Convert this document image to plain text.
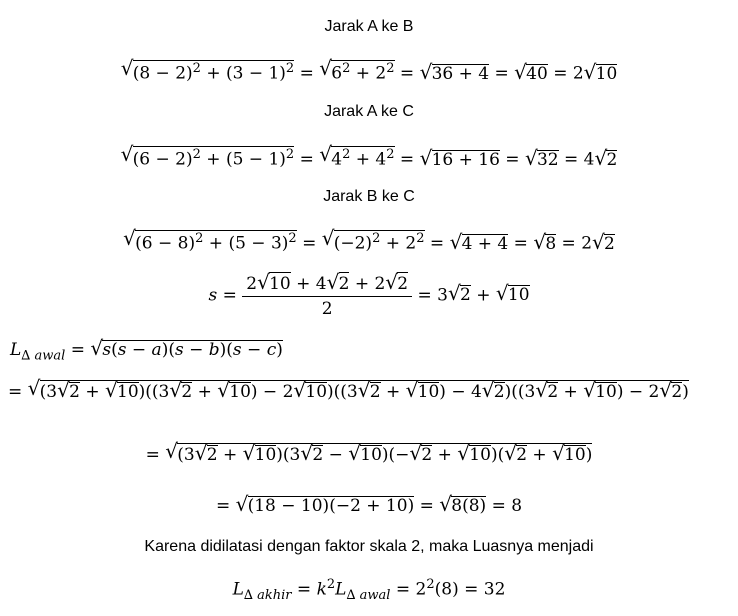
Jarak A ke B
√ $(8 - 2)^2 + (3 - 1)^2$ = √ $6^2 + 2^2$ = √ 36 + 4 = √ 40 = 2√ 10
Jarak A ke C
√ $(6 - 2)^2 + (5 - 1)^2$ = √ $4^2 + 4^2$ = √ 16 + 16 = √ 32 = 4√ 2
Jarak B ke C
√ $(6 - 8)^2 + (5 - 3)^2$ = √ $(-2)^2 + 2^2$ = √ 4 + 4 = √ 8 = 2√ 2
$s = \frac{2√ 10 + 4√ 2 + 2√ 2}{2} = 3√$ 2 + √ 10
$L_{\Delta awal}$ = √ s(s − a)(s − b)(s − c)
= √ (3√ 2 + √ 10)((3√ 2 + √ 10) − 2√ 10)((3√ 2 + √ 10) − 4√ 2)((3√ 2 + √ 10) − 2√ 2)
= √ (3√ 2 + √ 10)(3√ 2 − √ 10)(−√ 2 + √ 10)(√ 2 + √ 10)
= √ (18 − 10)(−2 + 10) = √ 8(8) = 8
Karena didilatasi dengan faktor skala 2, maka Luasnya menjadi
$L_{\Delta akhir} = k^2L_{\Delta awal} = 2^2(8) = 32$
